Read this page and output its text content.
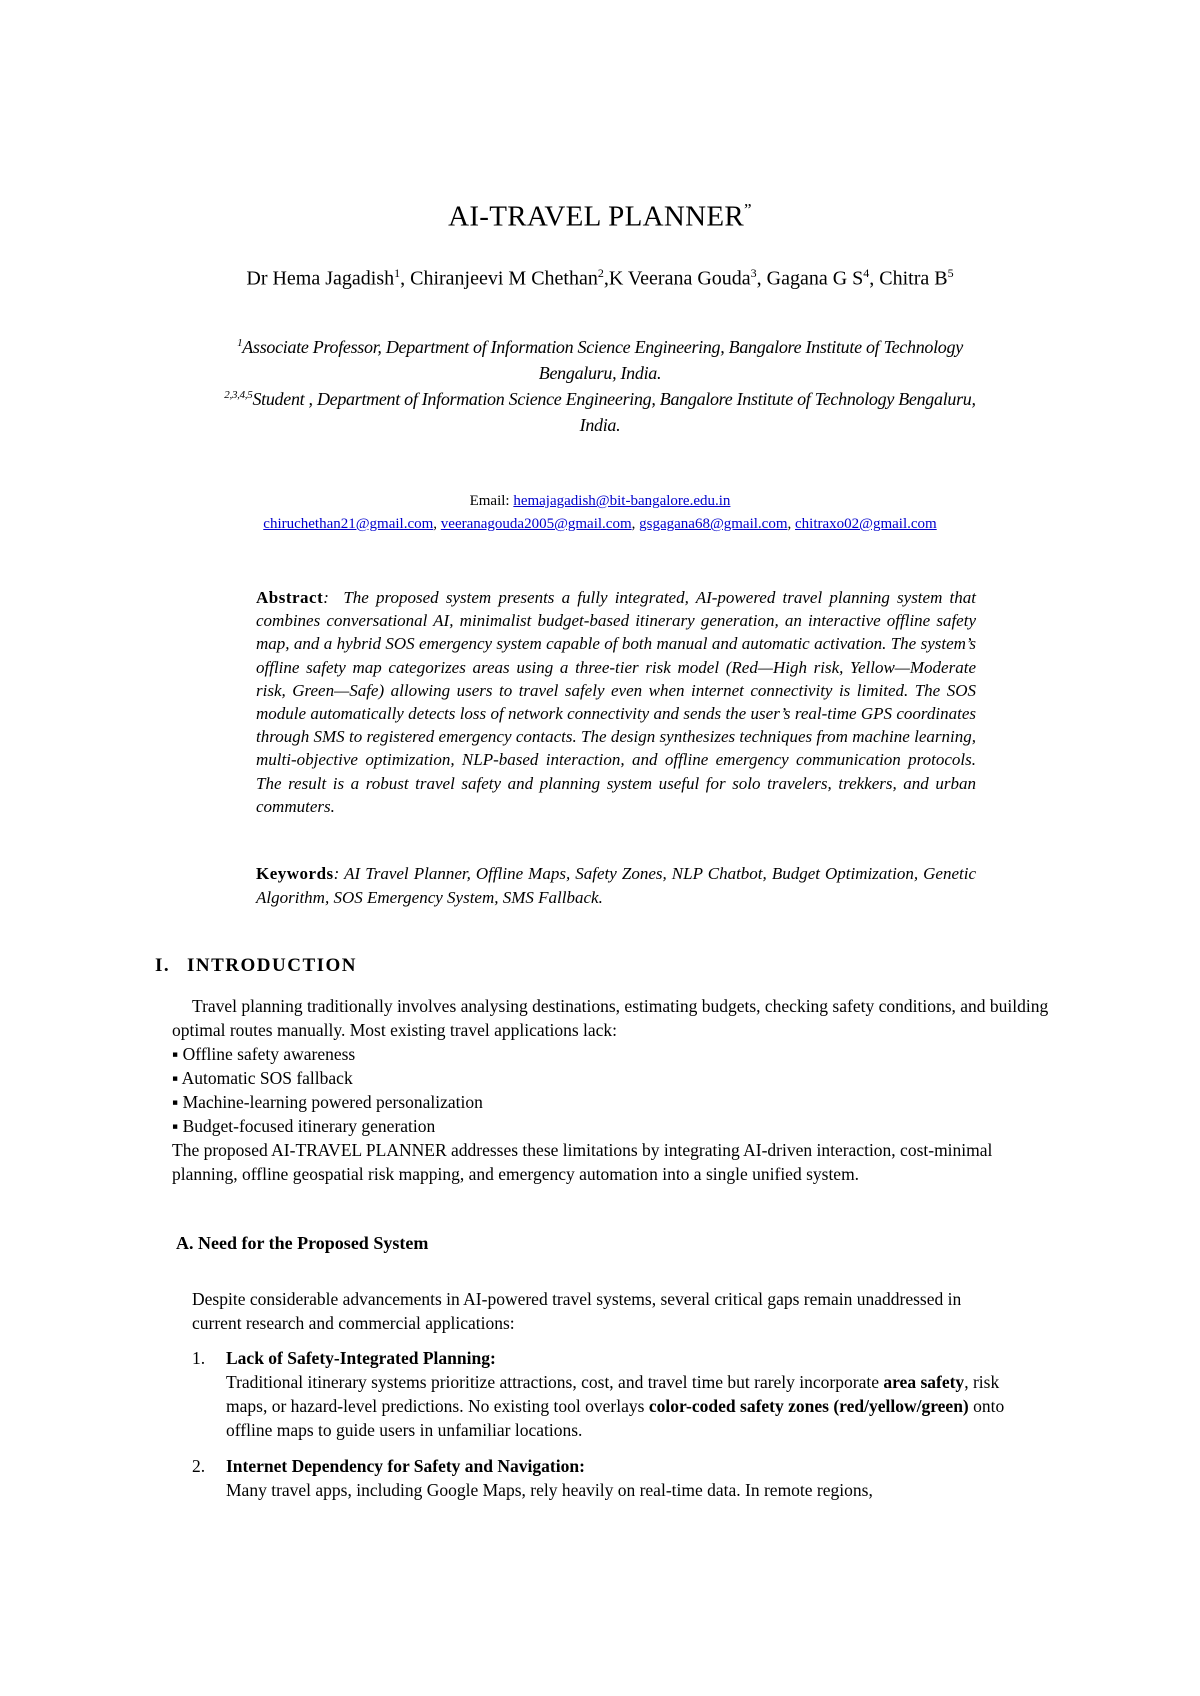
AI-TRAVEL PLANNER”
Dr Hema Jagadish$^1$, Chiranjeevi M Chethan$^2$,K Veerana Gouda$^3$, Gagana G $S^4$, Chitra $B^5$
$^1$Associate Professor, Department of Information Science Engineering, Bangalore Institute of Technology
Bengaluru, India.
$^{2,3,4,5}$Student , Department of Information Science Engineering, Bangalore Institute of Technology Bengaluru,
India.
Email: hemajagadish@bit-bangalore.edu.in
chiruchethan21@gmail.com, veeranagouda2005@gmail.com, gsgagana68@gmail.com, chitraxo02@gmail.com
Abstract:  The proposed system presents a fully integrated, AI-powered travel planning system that combines conversational AI, minimalist budget-based itinerary generation, an interactive offline safety map, and a hybrid SOS emergency system capable of both manual and automatic activation. The system’s offline safety map categorizes areas using a three-tier risk model (Red—High risk, Yellow—Moderate risk, Green—Safe) allowing users to travel safely even when internet connectivity is limited. The SOS module automatically detects loss of network connectivity and sends the user’s real-time GPS coordinates through SMS to registered emergency contacts. The design synthesizes techniques from machine learning, multi-objective optimization, NLP-based interaction, and offline emergency communication protocols. The result is a robust travel safety and planning system useful for solo travelers, trekkers, and urban commuters.
Keywords: AI Travel Planner, Offline Maps, Safety Zones, NLP Chatbot, Budget Optimization, Genetic Algorithm, SOS Emergency System, SMS Fallback.
I. INTRODUCTION

Travel planning traditionally involves analysing destinations, estimating budgets, checking safety conditions, and building optimal routes manually. Most existing travel applications lack:

▪ Offline safety awareness
▪ Automatic SOS fallback
▪ Machine-learning powered personalization
▪ Budget-focused itinerary generation

The proposed AI-TRAVEL PLANNER addresses these limitations by integrating AI-driven interaction, cost-minimal planning, offline geospatial risk mapping, and emergency automation into a single unified system.

A. Need for the Proposed System
Despite considerable advancements in AI-powered travel systems, several critical gaps remain unaddressed in current research and commercial applications:
1. Lack of Safety-Integrated Planning:
Traditional itinerary systems prioritize attractions, cost, and travel time but rarely incorporate area safety, risk maps, or hazard-level predictions. No existing tool overlays color-coded safety zones (red/yellow/green) onto offline maps to guide users in unfamiliar locations.
2. Internet Dependency for Safety and Navigation:
Many travel apps, including Google Maps, rely heavily on real-time data. In remote regions,
